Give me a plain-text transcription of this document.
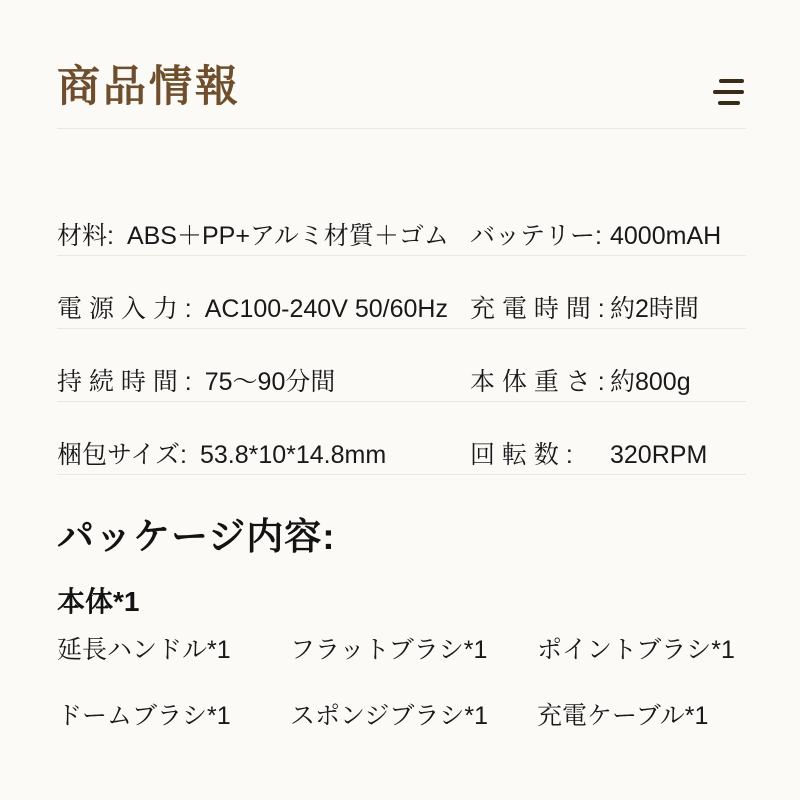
商品情報
材料: ABS＋PP+アルミ材質＋ゴム バッテリー: 4000mAH
電 源 入 力 : AC100-240V 50/60Hz 充 電 時 間 : 約2時間
持 続 時 間 : 75〜90分間	本 体 重 さ : 約800g
梱包サイズ: 53.8*10*14.8mm	回 転 数 : 320RPM
パッケージ内容:
本体*1
延長ハンドル*1	フラットブラシ*1	ポイントブラシ*1
ドームブラシ*1	スポンジブラシ*1	充電ケーブル*1
